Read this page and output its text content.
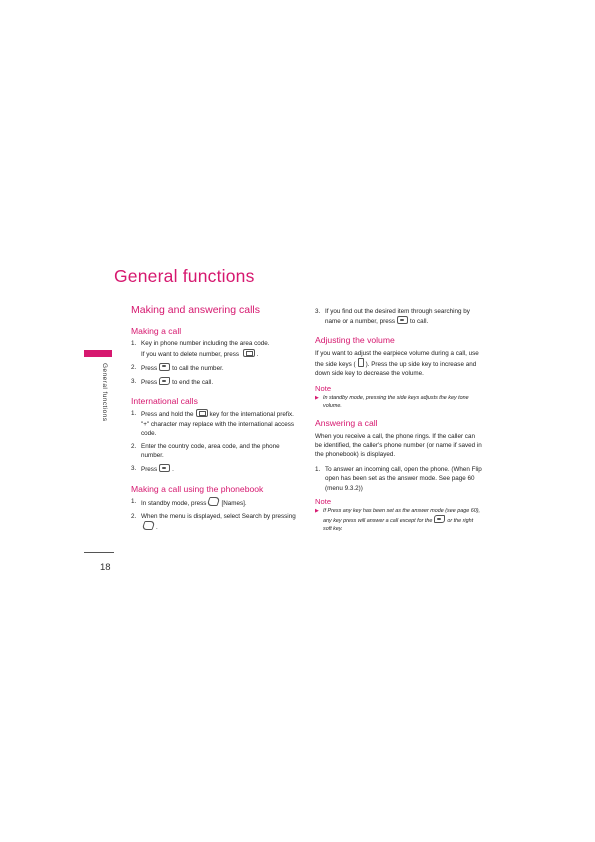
General functions
General functions
18
Making and answering calls
Making a call
1. Key in phone number including the area code.
If you want to delete number, press	.
2. Press to call the number.
3. Press to end the call.
International calls
1. Press and hold the	key for the international prefix. "+" character may replace with the international access code.
2. Enter the country code, area code, and the phone number.
3. Press .
Making a call using the phonebook
1. In standby mode, press [Names].
2. When the menu is displayed, select Search by pressing.
3. If you find out the desired item through searching by name or a number, press to call.
Adjusting the volume

If you want to adjust the earpiece volume during a call, use the side keys ( ). Press the up side key to increase and down side key to decrease the volume.

Note
▶ In standby mode, pressing the side keys adjusts the key tone volume.
Answering a call

When you receive a call, the phone rings. If the caller can be identified, the caller's phone number (or name if saved in the phonebook) is displayed.

1. To answer an incoming call, open the phone. (When Flip open has been set as the answer mode. See page 60 (menu 9.3.2))
Note
▶ If Press any key has been set as the answer mode (see page 60), any key press will answer a call except for the	or the right soft key.
